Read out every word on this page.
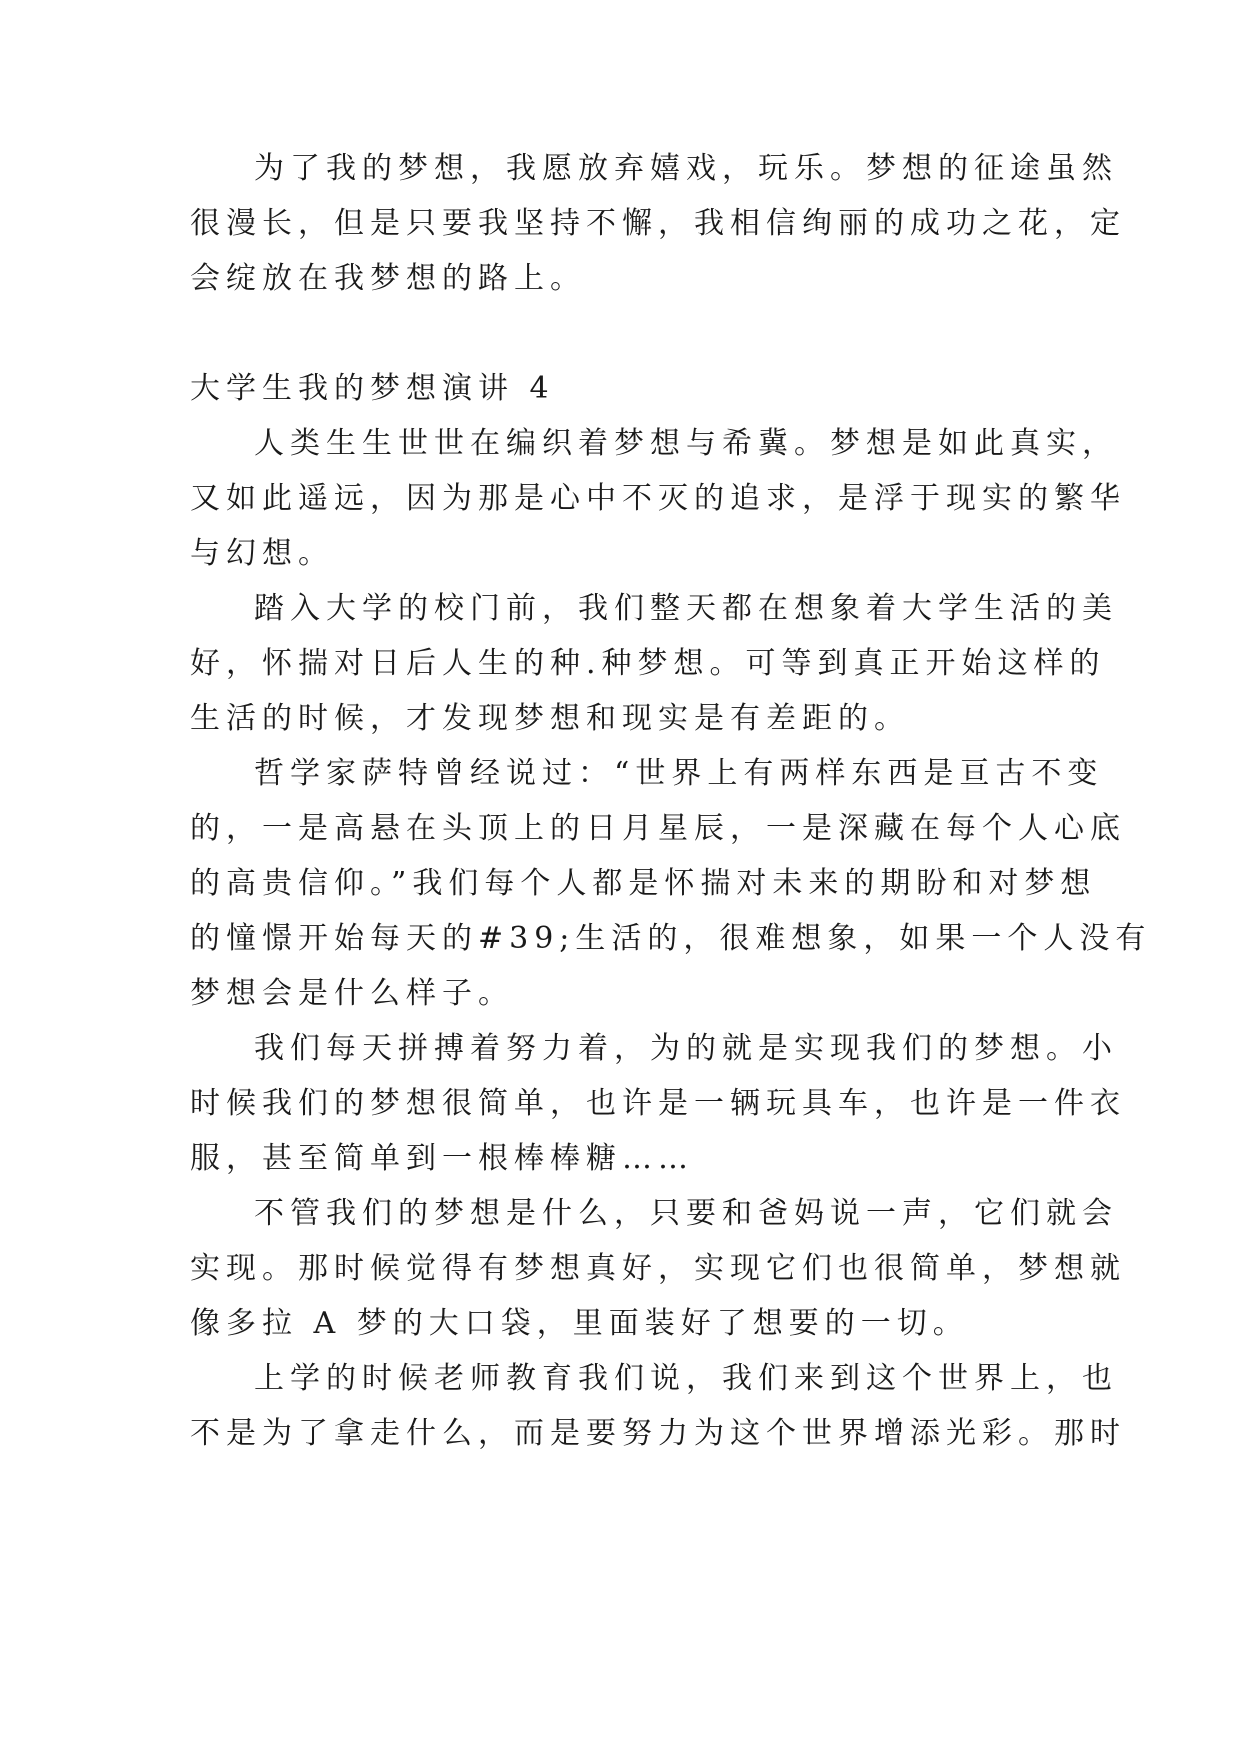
为了我的梦想，我愿放弃嬉戏，玩乐。梦想的征途虽然
很漫长，但是只要我坚持不懈，我相信绚丽的成功之花，定
会绽放在我梦想的路上。
大学生我的梦想演讲 4
人类生生世世在编织着梦想与希冀。梦想是如此真实，
又如此遥远，因为那是心中不灭的追求，是浮于现实的繁华
与幻想。
踏入大学的校门前，我们整天都在想象着大学生活的美
好，怀揣对日后人生的种.种梦想。可等到真正开始这样的
生活的时候，才发现梦想和现实是有差距的。
哲学家萨特曾经说过：“世界上有两样东西是亘古不变
的，一是高悬在头顶上的日月星辰，一是深藏在每个人心底
的高贵信仰。”我们每个人都是怀揣对未来的期盼和对梦想
的憧憬开始每天的#39;生活的，很难想象，如果一个人没有
梦想会是什么样子。
我们每天拼搏着努力着，为的就是实现我们的梦想。小
时候我们的梦想很简单，也许是一辆玩具车，也许是一件衣
服，甚至简单到一根棒棒糖……
不管我们的梦想是什么，只要和爸妈说一声，它们就会
实现。那时候觉得有梦想真好，实现它们也很简单，梦想就
像多拉 A 梦的大口袋，里面装好了想要的一切。
上学的时候老师教育我们说，我们来到这个世界上，也
不是为了拿走什么，而是要努力为这个世界增添光彩。那时
